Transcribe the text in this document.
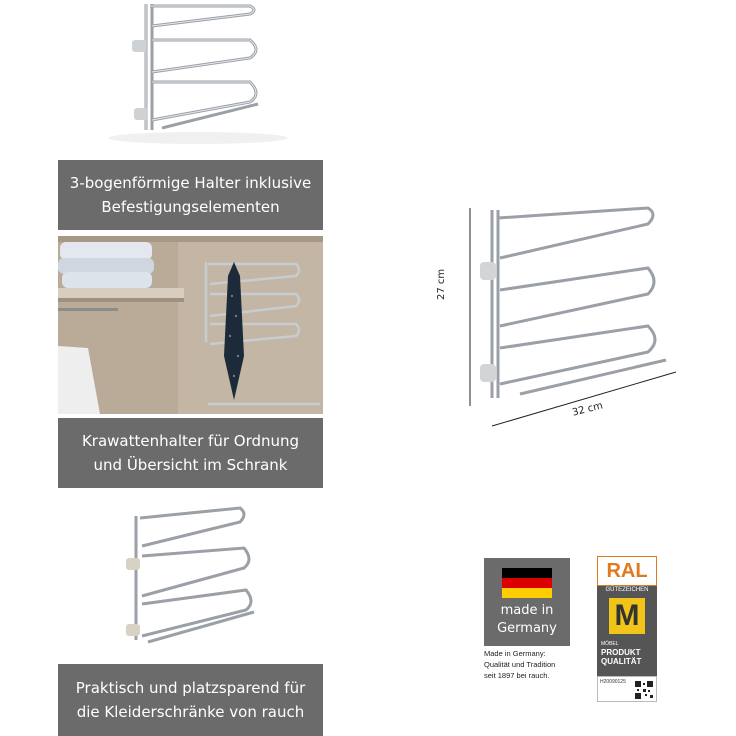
3-bogenförmige Halter inklusive
Befestigungselementen
Krawattenhalter für Ordnung
und Übersicht im Schrank
Praktisch und platzsparend für
die Kleiderschränke von rauch
27 cm
32 cm
made in
Germany
Made in Germany:
Qualität und Tradition
seit 1897 bei rauch.
RAL
GÜTEZEICHEN
M
MÖBEL
PRODUKT
QUALITÄT
H20090125
